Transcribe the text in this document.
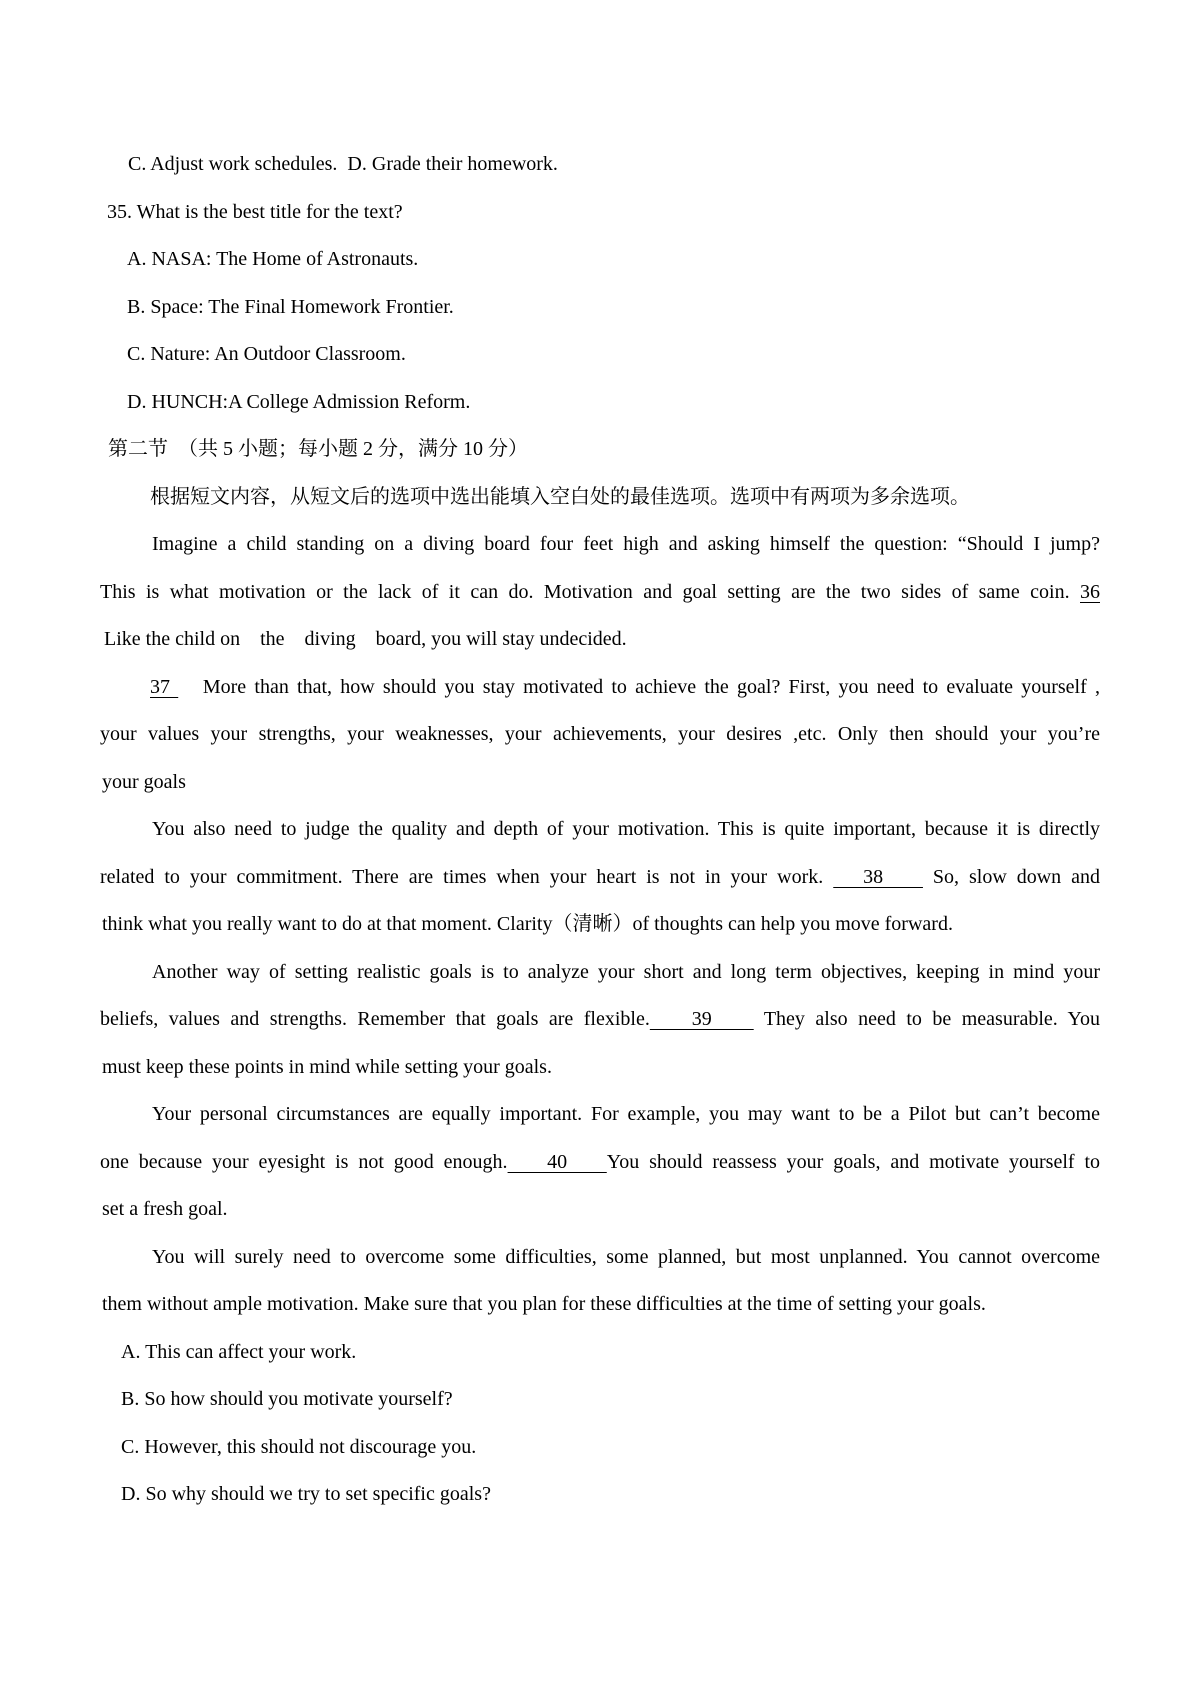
C. Adjust work schedules.  D. Grade their homework.
35. What is the best title for the text?
A. NASA: The Home of Astronauts.
B. Space: The Final Homework Frontier.
C. Nature: An Outdoor Classroom.
D. HUNCH:A College Admission Reform.
第二节  （共 5 小题；每小题 2 分，满分 10 分）
根据短文内容，从短文后的选项中选出能填入空白处的最佳选项。选项中有两项为多余选项。
Imagine a child standing on a diving board four feet high and asking himself the question: “Should I jump?
This is what motivation or the lack of it can do. Motivation and goal setting are the two sides of same coin. 36
Like the child on    the    diving    board, you will stay undecided.
37    More than that, how should you stay motivated to achieve the goal? First, you need to evaluate yourself ,
your values your strengths, your weaknesses, your achievements, your desires ,etc. Only then should your you’re
your goals
You also need to judge the quality and depth of your motivation. This is quite important, because it is directly
related to your commitment. There are times when your heart is not in your work.    38     So, slow down and
think what you really want to do at that moment. Clarity（清晰）of thoughts can help you move forward.
Another way of setting realistic goals is to analyze your short and long term objectives, keeping in mind your
beliefs, values and strengths. Remember that goals are flexible.    39     They also need to be measurable. You
must keep these points in mind while setting your goals.
Your personal circumstances are equally important. For example, you may want to be a Pilot but can’t become
one because your eyesight is not good enough.    40    You should reassess your goals, and motivate yourself to
set a fresh goal.
You will surely need to overcome some difficulties, some planned, but most unplanned. You cannot overcome
them without ample motivation. Make sure that you plan for these difficulties at the time of setting your goals.
A. This can affect your work.
B. So how should you motivate yourself?
C. However, this should not discourage you.
D. So why should we try to set specific goals?
